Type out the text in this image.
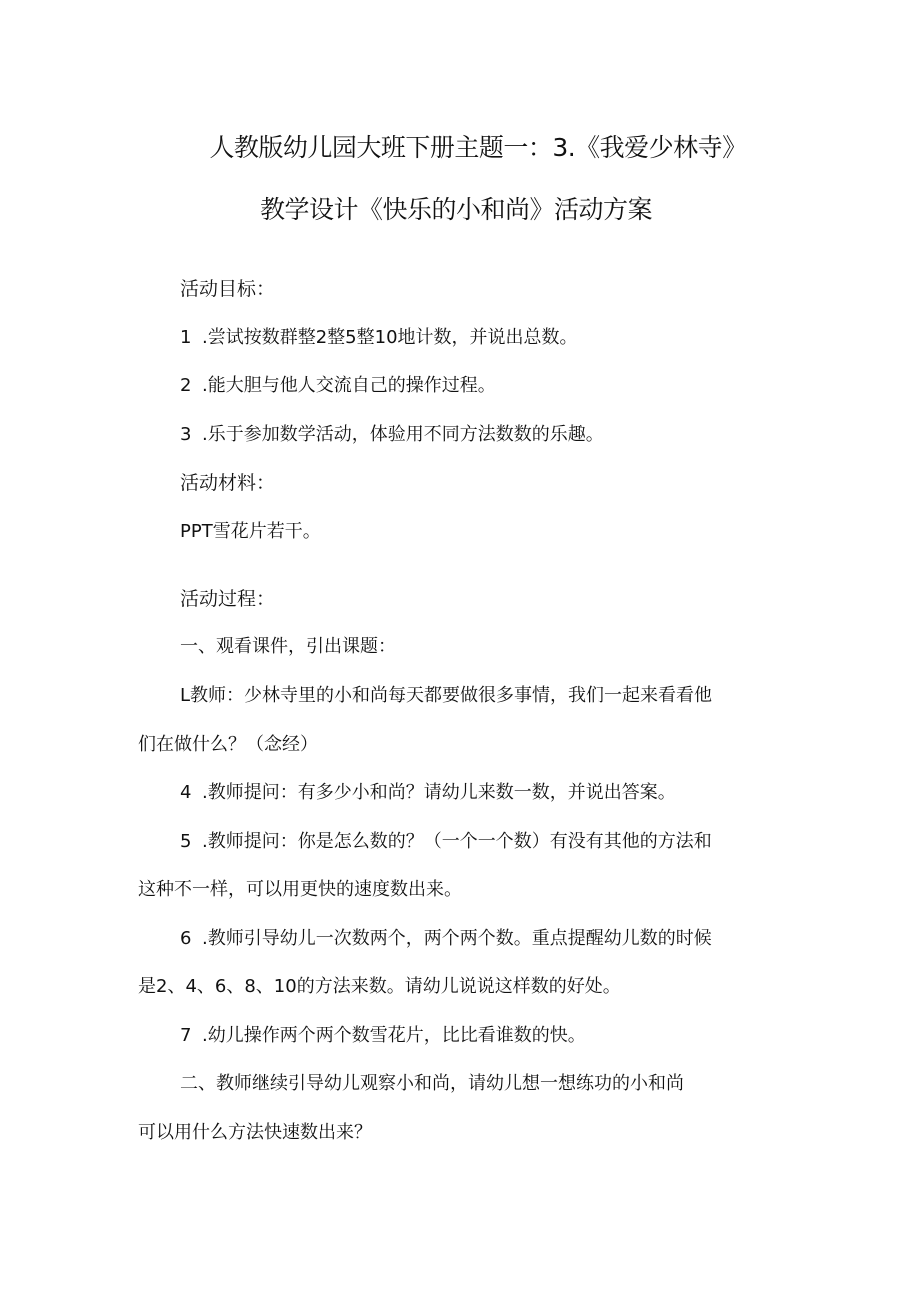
人教版幼儿园大班下册主题一：3.《我爱少林寺》
教学设计《快乐的小和尚》活动方案
活动目标：
1 .尝试按数群整2整5整10地计数，并说出总数。
2 .能大胆与他人交流自己的操作过程。
3 .乐于参加数学活动，体验用不同方法数数的乐趣。
活动材料：
PPT雪花片若干。
活动过程：
一、观看课件，引出课题：
L教师：少林寺里的小和尚每天都要做很多事情，我们一起来看看他
们在做什么？（念经）
4 .教师提问：有多少小和尚？请幼儿来数一数，并说出答案。
5 .教师提问：你是怎么数的？（一个一个数）有没有其他的方法和
这种不一样，可以用更快的速度数出来。
6 .教师引导幼儿一次数两个，两个两个数。重点提醒幼儿数的时候
是2、4、6、8、10的方法来数。请幼儿说说这样数的好处。
7 .幼儿操作两个两个数雪花片，比比看谁数的快。
二、教师继续引导幼儿观察小和尚，请幼儿想一想练功的小和尚
可以用什么方法快速数出来？
